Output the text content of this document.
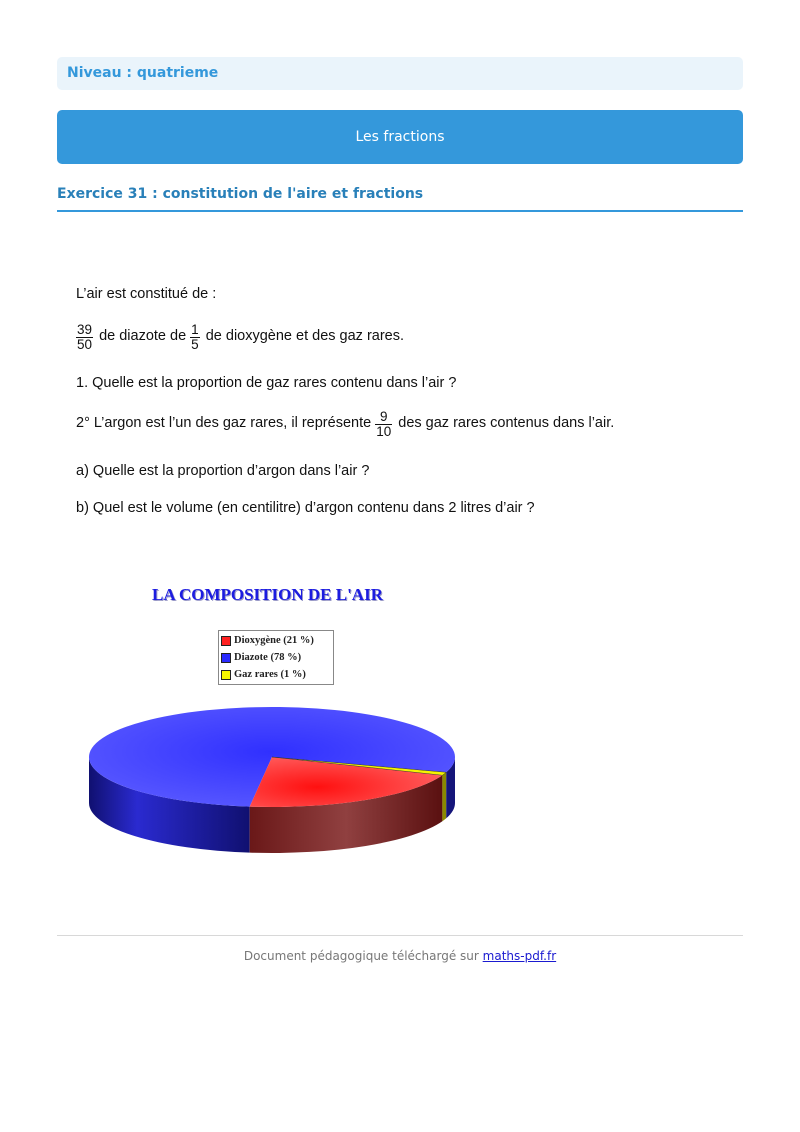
Niveau : quatrieme
Les fractions
Exercice 31 : constitution de l'aire et fractions
L’air est constitué de :
$\frac{39}{50}$ de diazote de $\frac{1}{5}$ de dioxygène et des gaz rares.
1. Quelle est la proportion de gaz rares contenu dans l’air ?
2° L’argon est l’un des gaz rares, il représente $\frac{9}{10}$ des gaz rares contenus dans l’air.
a) Quelle est la proportion d’argon dans l’air ?
b) Quel est le volume (en centilitre) d’argon contenu dans 2 litres d’air ?
LA COMPOSITION DE L'AIR
Dioxygène (21 %)
Diazote (78 %)
Gaz rares (1 %)
Document pédagogique téléchargé sur maths-pdf.fr
